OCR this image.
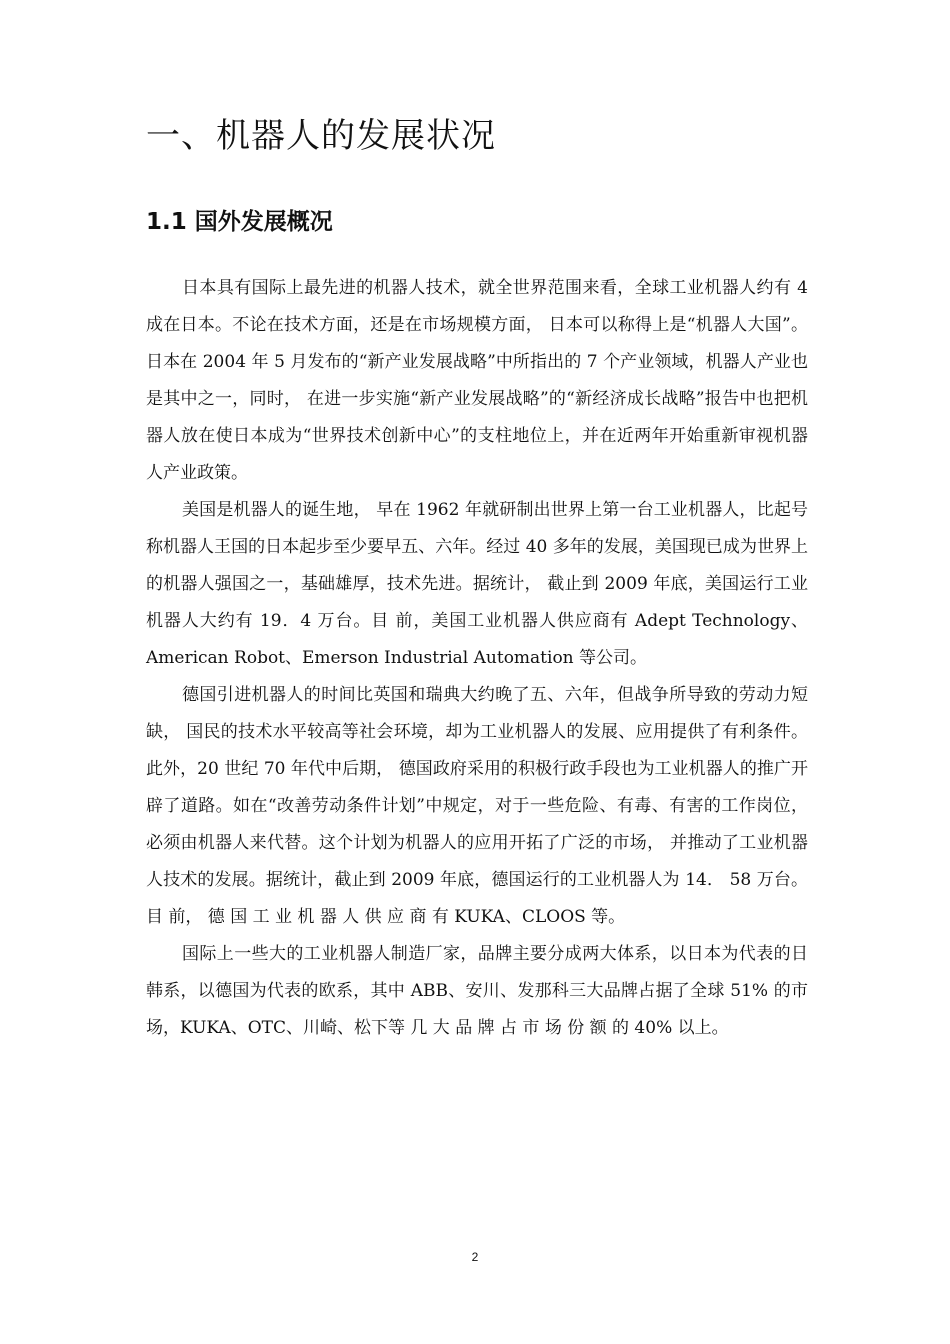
一、机器人的发展状况
1.1 国外发展概况

日本具有国际上最先进的机器人技术，就全世界范围来看，全球工业机器人约有 4 成在日本。不论在技术方面，还是在市场规模方面， 日本可以称得上是“机器人大国”。日本在 2004 年 5 月发布的“新产业发展战略”中所指出的 7 个产业领域，机器人产业也是其中之一，同时， 在进一步实施“新产业发展战略”的“新经济成长战略”报告中也把机器人放在使日本成为“世界技术创新中心”的支柱地位上，并在近两年开始重新审视机器人产业政策。

美国是机器人的诞生地， 早在 1962 年就研制出世界上第一台工业机器人，比起号称机器人王国的日本起步至少要早五、六年。经过 40 多年的发展，美国现已成为世界上的机器人强国之一，基础雄厚，技术先进。据统计， 截止到 2009 年底，美国运行工业机器人大约有 19．4 万台。目 前，美国工业机器人供应商有 Adept Technology、American Robot、Emerson Industrial Automation 等公司。

德国引进机器人的时间比英国和瑞典大约晚了五、六年，但战争所导致的劳动力短缺， 国民的技术水平较高等社会环境，却为工业机器人的发展、应用提供了有利条件。此外，20 世纪 70 年代中后期， 德国政府采用的积极行政手段也为工业机器人的推广开辟了道路。如在“改善劳动条件计划”中规定，对于一些危险、有毒、有害的工作岗位，必须由机器人来代替。这个计划为机器人的应用开拓了广泛的市场， 并推动了工业机器人技术的发展。据统计，截止到 2009 年底，德国运行的工业机器人为 14． 58 万台。目 前， 德 国 工 业 机 器 人 供 应 商 有 KUKA、CLOOS 等。

国际上一些大的工业机器人制造厂家，品牌主要分成两大体系，以日本为代表的日韩系，以德国为代表的欧系，其中 ABB、安川、发那科三大品牌占据了全球 51% 的市场，KUKA、OTC、川崎、松下等 几 大 品 牌 占 市 场 份 额 的 40% 以上。

2
